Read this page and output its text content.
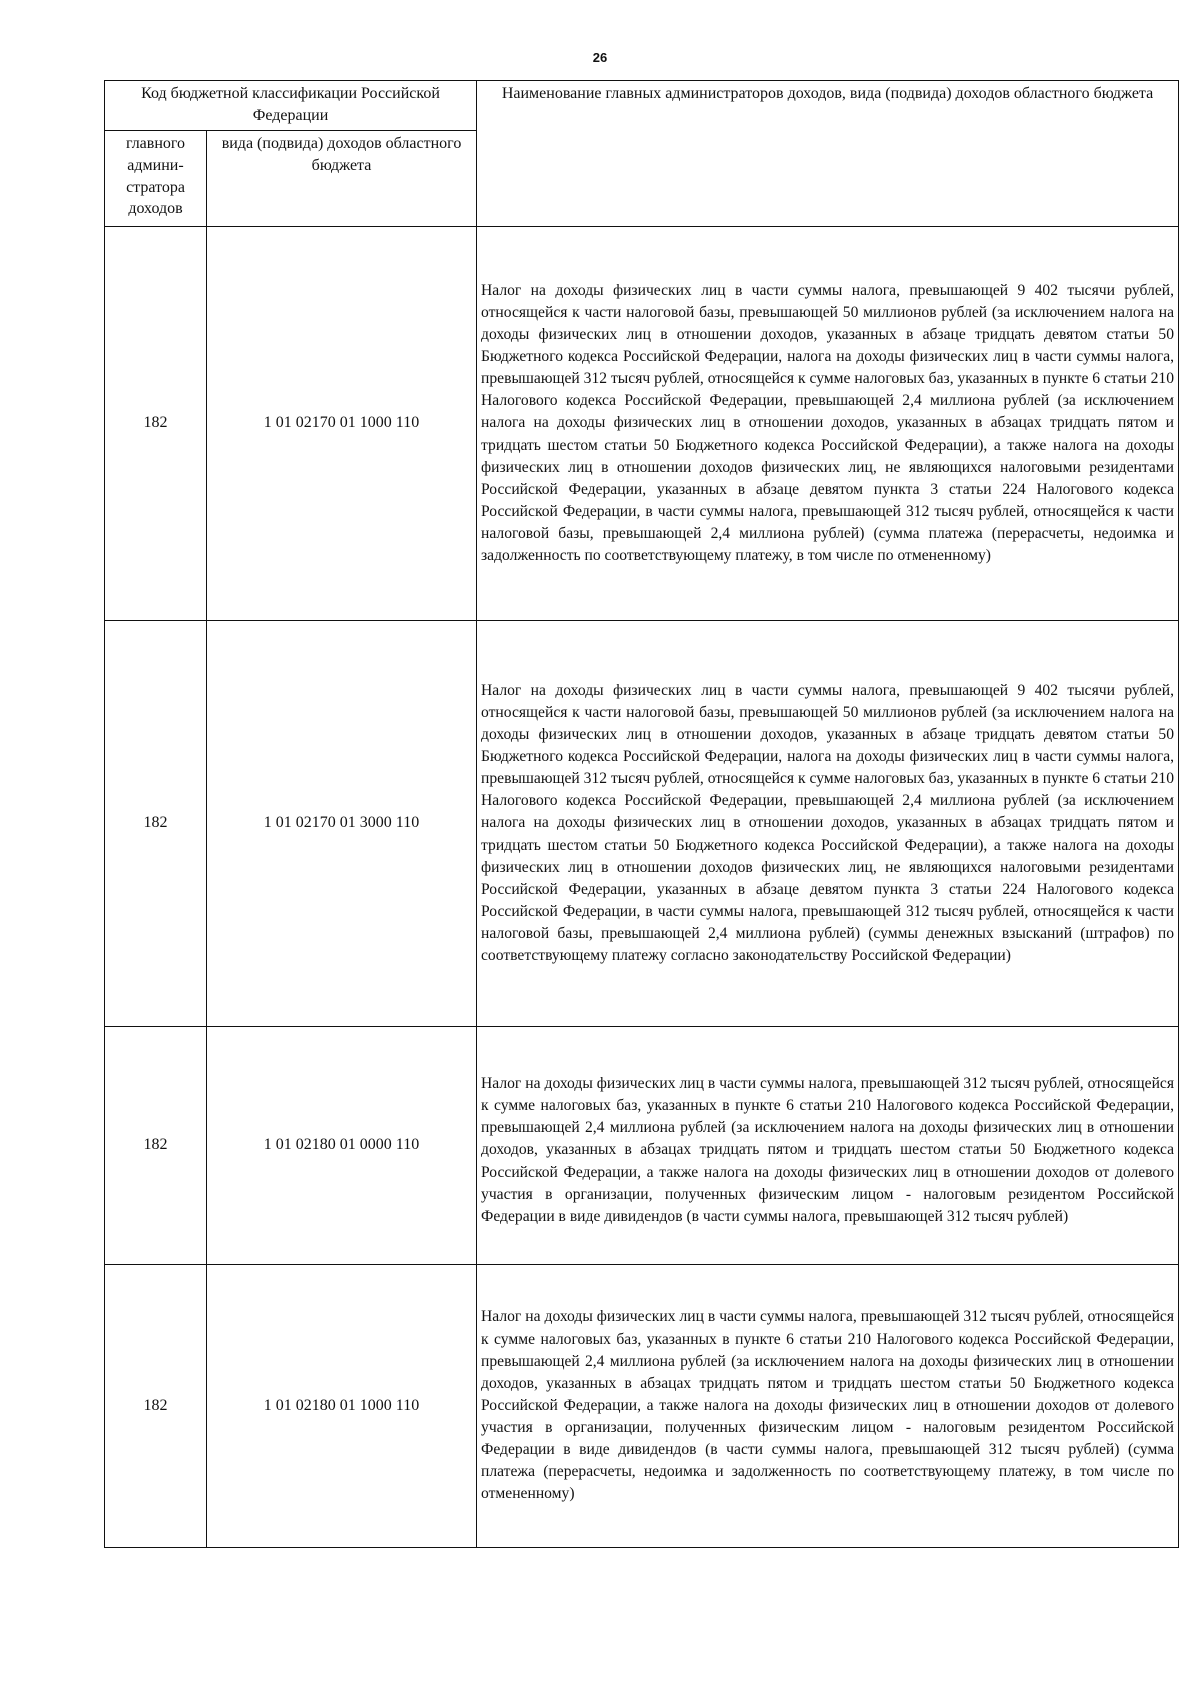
26
Код бюджетной классификации Российской Федерации		Наименование главных администраторов доходов, вида (подвида) доходов областного бюджета
главного админи-стратора доходов	вида (подвида) доходов областного бюджета	
182	1 01 02170 01 1000 110	Налог на доходы физических лиц в части суммы налога, превышающей 9 402 тысячи рублей, относящейся к части налоговой базы, превышающей 50 миллионов рублей (за исключением налога на доходы физических лиц в отношении доходов, указанных в абзаце тридцать девятом статьи 50 Бюджетного кодекса Российской Федерации, налога на доходы физических лиц в части суммы налога, превышающей 312 тысяч рублей, относящейся к сумме налоговых баз, указанных в пункте 6 статьи 210 Налогового кодекса Российской Федерации, превышающей 2,4 миллиона рублей (за исключением налога на доходы физических лиц в отношении доходов, указанных в абзацах тридцать пятом и тридцать шестом статьи 50 Бюджетного кодекса Российской Федерации), а также налога на доходы физических лиц в отношении доходов физических лиц, не являющихся налоговыми резидентами Российской Федерации, указанных в абзаце девятом пункта 3 статьи 224 Налогового кодекса Российской Федерации, в части суммы налога, превышающей 312 тысяч рублей, относящейся к части налоговой базы, превышающей 2,4 миллиона рублей) (сумма платежа (перерасчеты, недоимка и задолженность по соответствующему платежу, в том числе по отмененному)
182	1 01 02170 01 3000 110	Налог на доходы физических лиц в части суммы налога, превышающей 9 402 тысячи рублей, относящейся к части налоговой базы, превышающей 50 миллионов рублей (за исключением налога на доходы физических лиц в отношении доходов, указанных в абзаце тридцать девятом статьи 50 Бюджетного кодекса Российской Федерации, налога на доходы физических лиц в части суммы налога, превышающей 312 тысяч рублей, относящейся к сумме налоговых баз, указанных в пункте 6 статьи 210 Налогового кодекса Российской Федерации, превышающей 2,4 миллиона рублей (за исключением налога на доходы физических лиц в отношении доходов, указанных в абзацах тридцать пятом и тридцать шестом статьи 50 Бюджетного кодекса Российской Федерации), а также налога на доходы физических лиц в отношении доходов физических лиц, не являющихся налоговыми резидентами Российской Федерации, указанных в абзаце девятом пункта 3 статьи 224 Налогового кодекса Российской Федерации, в части суммы налога, превышающей 312 тысяч рублей, относящейся к части налоговой базы, превышающей 2,4 миллиона рублей) (суммы денежных взысканий (штрафов) по соответствующему платежу согласно законодательству Российской Федерации)
182	1 01 02180 01 0000 110	Налог на доходы физических лиц в части суммы налога, превышающей 312 тысяч рублей, относящейся к сумме налоговых баз, указанных в пункте 6 статьи 210 Налогового кодекса Российской Федерации, превышающей 2,4 миллиона рублей (за исключением налога на доходы физических лиц в отношении доходов, указанных в абзацах тридцать пятом и тридцать шестом статьи 50 Бюджетного кодекса Российской Федерации, а также налога на доходы физических лиц в отношении доходов от долевого участия в организации, полученных физическим лицом - налоговым резидентом Российской Федерации в виде дивидендов (в части суммы налога, превышающей 312 тысяч рублей)
182	1 01 02180 01 1000 110	Налог на доходы физических лиц в части суммы налога, превышающей 312 тысяч рублей, относящейся к сумме налоговых баз, указанных в пункте 6 статьи 210 Налогового кодекса Российской Федерации, превышающей 2,4 миллиона рублей (за исключением налога на доходы физических лиц в отношении доходов, указанных в абзацах тридцать пятом и тридцать шестом статьи 50 Бюджетного кодекса Российской Федерации, а также налога на доходы физических лиц в отношении доходов от долевого участия в организации, полученных физическим лицом - налоговым резидентом Российской Федерации в виде дивидендов (в части суммы налога, превышающей 312 тысяч рублей) (сумма платежа (перерасчеты, недоимка и задолженность по соответствующему платежу, в том числе по отмененному)
